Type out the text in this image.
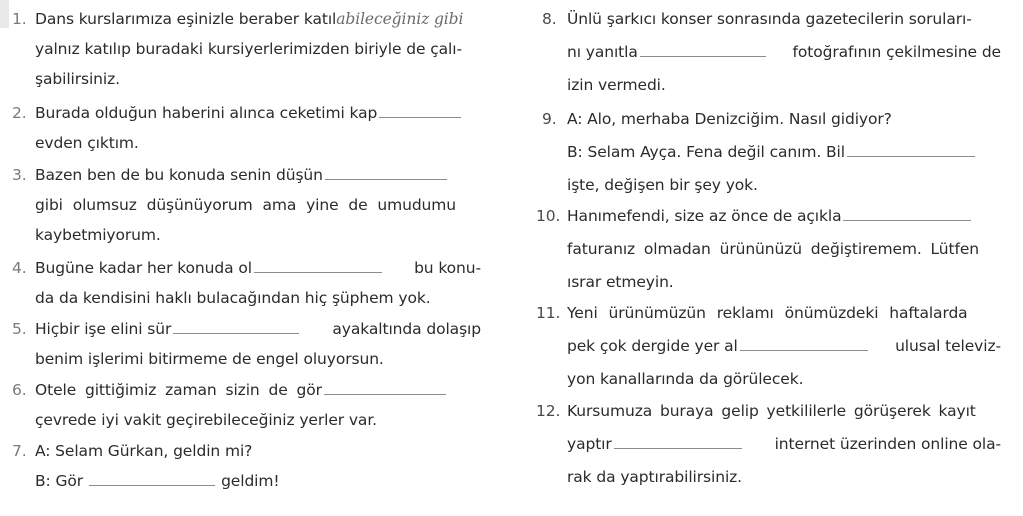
1. Dans kurslarımıza eşinizle beraber katılabileceğiniz gibi
yalnız katılıp buradaki kursiyerlerimizden biriyle de çalı-
şabilirsiniz.
2. Burada olduğun haberini alınca ceketimi kap
evden çıktım.
3. Bazen ben de bu konuda senin düşün
gibi olumsuz düşünüyorum ama yine de umudumu
kaybetmiyorum.
4. Bugüne kadar her konuda ol	bu konu-
da da kendisini haklı bulacağından hiç şüphem yok.
5. Hiçbir işe elini sür	ayakaltında dolaşıp
benim işlerimi bitirmeme de engel oluyorsun.
6. Otele gittiğimiz zaman sizin de gör
çevrede iyi vakit geçirebileceğiniz yerler var.
7. A: Selam Gürkan, geldin mi?
B: Gör	geldim!
8. Ünlü şarkıcı konser sonrasında gazetecilerin soruları-
nı yanıtla	fotoğrafının çekilmesine de
izin vermedi.
9. A: Alo, merhaba Denizciğim. Nasıl gidiyor?
B: Selam Ayça. Fena değil canım. Bil
işte, değişen bir şey yok.
10. Hanımefendi, size az önce de açıkla
faturanız olmadan ürününüzü değiştiremem. Lütfen
ısrar etmeyin.
11. Yeni ürünümüzün reklamı önümüzdeki haftalarda
pek çok dergide yer al	ulusal televiz-
yon kanallarında da görülecek.
12. Kursumuza buraya gelip yetkililerle görüşerek kayıt
yaptır	internet üzerinden online ola-
rak da yaptırabilirsiniz.
